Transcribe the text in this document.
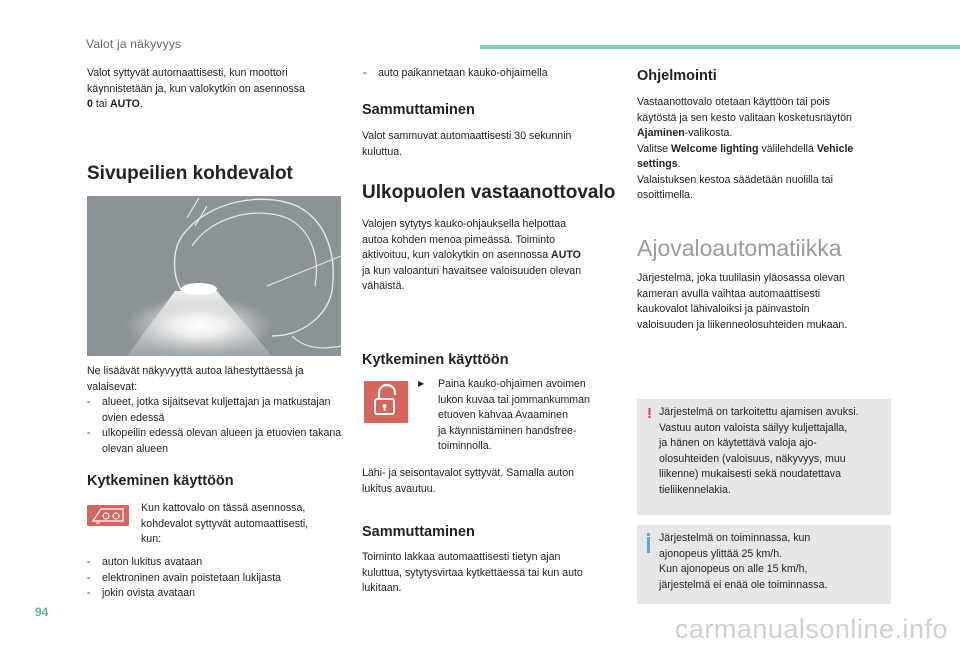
Valot ja näkyvyys
Valot syttyvät automaattisesti, kun moottori
käynnistetään ja, kun valokytkin on asennossa
0 tai AUTO.
Sivupeilien kohdevalot
Ne lisäävät näkyvyyttä autoa lähestyttäessä ja
valaisevat:
- alueet, jotka sijaitsevat kuljettajan ja matkustajan ovien edessä
- ulkopeilin edessä olevan alueen ja etuovien takana olevan alueen
Kytkeminen käyttöön
Kun kattovalo on tässä asennossa,
kohdevalot syttyvät automaattisesti,
kun:
- auton lukitus avataan
- elektroninen avain poistetaan lukijasta
- jokin ovista avataan
- auto paikannetaan kauko-ohjaimella
Sammuttaminen
Valot sammuvat automaattisesti 30 sekunnin
kuluttua.
Ulkopuolen vastaanottovalo
Valojen sytytys kauko-ohjauksella helpottaa
autoa kohden menoa pimeässä. Toiminto
aktivoituu, kun valokytkin on asennossa AUTO
ja kun valoanturi havaitsee valoisuuden olevan
vähäistä.
Kytkeminen käyttöön
▶ Paina kauko-ohjaimen avoimen
lukon kuvaa tai jommankumman
etuoven kahvaa Avaaminen
ja käynnistäminen handsfree-
toiminnolla.
Lähi- ja seisontavalot syttyvät. Samalla auton
lukitus avautuu.
Sammuttaminen
Toiminto lakkaa automaattisesti tietyn ajan
kuluttua, sytytysvirtaa kytkettäessä tai kun auto
lukitaan.
Ohjelmointi
Vastaanottovalo otetaan käyttöön tai pois
käytöstä ja sen kesto valitaan kosketusnäytön
Ajaminen-valikosta.
Valitse Welcome lighting välilehdellä Vehicle
settings.
Valaistuksen kestoa säädetään nuolilla tai
osoittimella.
Ajovaloautomatiikka
Järjestelmä, joka tuulilasin yläosassa olevan
kameran avulla vaihtaa automaattisesti
kaukovalot lähivaloiksi ja päinvastoin
valoisuuden ja liikenneolosuhteiden mukaan.
! Järjestelmä on tarkoitettu ajamisen avuksi.
Vastuu auton valoista säilyy kuljettajalla,
ja hänen on käytettävä valoja ajo-
olosuhteiden (valoisuus, näkyvyys, muu
liikenne) mukaisesti sekä noudatettava
tieliikennelakia.
Järjestelmä on toiminnassa, kun
ajonopeus ylittää 25 km/h.
Kun ajonopeus on alle 15 km/h,
järjestelmä ei enää ole toiminnassa.
94
carmanualsonline.info
